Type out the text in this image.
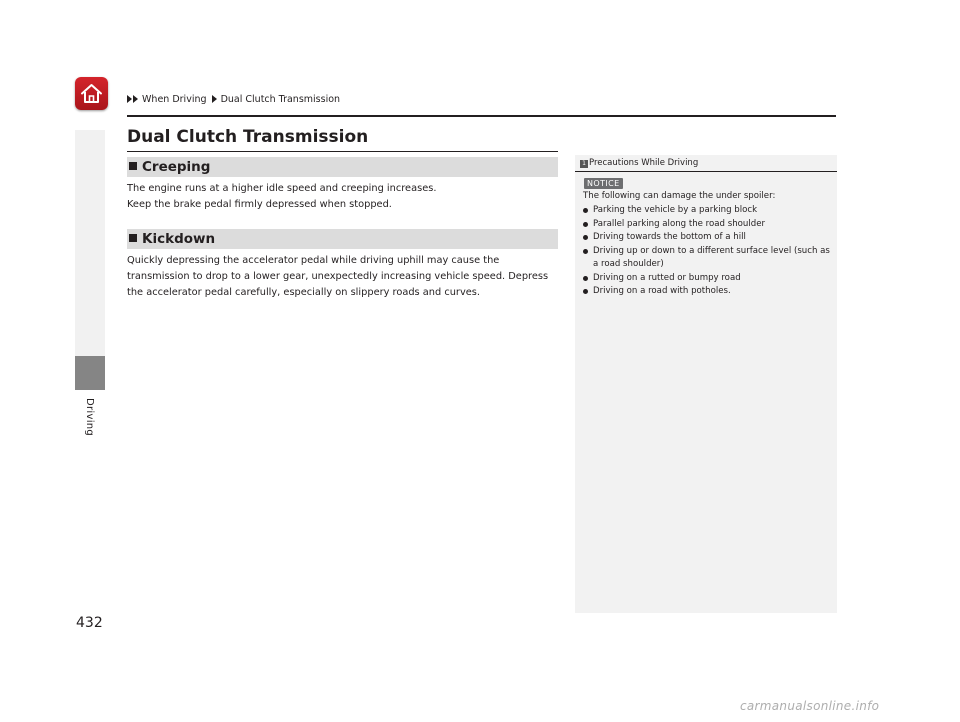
When Driving Dual Clutch Transmission
Driving
Dual Clutch Transmission
Creeping

The engine runs at a higher idle speed and creeping increases.

Keep the brake pedal firmly depressed when stopped.

Kickdown

Quickly depressing the accelerator pedal while driving uphill may cause the

transmission to drop to a lower gear, unexpectedly increasing vehicle speed. Depress

the accelerator pedal carefully, especially on slippery roads and curves.

1 Precautions While Driving
NOTICE
The following can damage the under spoiler:
Parking the vehicle by a parking block
Parallel parking along the road shoulder
Driving towards the bottom of a hill
Driving up or down to a different surface level (such as a road shoulder)
Driving on a rutted or bumpy road
Driving on a road with potholes.
432
carmanualsonline.info
